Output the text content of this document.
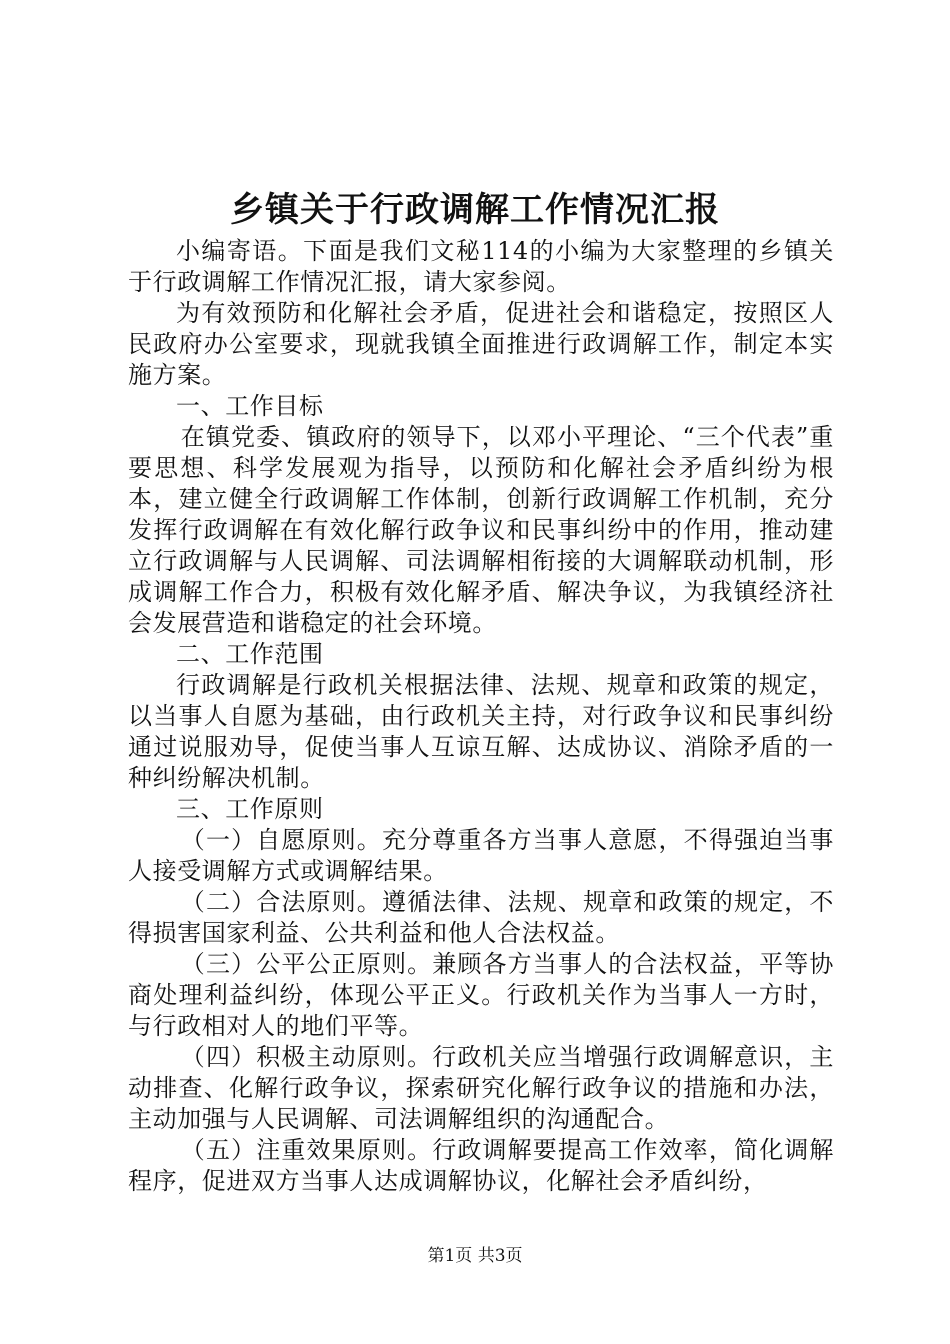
乡镇关于行政调解工作情况汇报

小编寄语。下面是我们文秘114的小编为大家整理的乡镇关于行政调解工作情况汇报，请大家参阅。

为有效预防和化解社会矛盾，促进社会和谐稳定，按照区人民政府办公室要求，现就我镇全面推进行政调解工作，制定本实施方案。

一、工作目标

在镇党委、镇政府的领导下，以邓小平理论、“三个代表”重要思想、科学发展观为指导，以预防和化解社会矛盾纠纷为根本，建立健全行政调解工作体制，创新行政调解工作机制，充分发挥行政调解在有效化解行政争议和民事纠纷中的作用，推动建立行政调解与人民调解、司法调解相衔接的大调解联动机制，形成调解工作合力，积极有效化解矛盾、解决争议，为我镇经济社会发展营造和谐稳定的社会环境。

二、工作范围

行政调解是行政机关根据法律、法规、规章和政策的规定，以当事人自愿为基础，由行政机关主持，对行政争议和民事纠纷通过说服劝导，促使当事人互谅互解、达成协议、消除矛盾的一种纠纷解决机制。

三、工作原则

（一）自愿原则。充分尊重各方当事人意愿，不得强迫当事人接受调解方式或调解结果。

（二）合法原则。遵循法律、法规、规章和政策的规定，不得损害国家利益、公共利益和他人合法权益。

（三）公平公正原则。兼顾各方当事人的合法权益，平等协商处理利益纠纷，体现公平正义。行政机关作为当事人一方时，与行政相对人的地们平等。

（四）积极主动原则。行政机关应当增强行政调解意识，主动排查、化解行政争议，探索研究化解行政争议的措施和办法，主动加强与人民调解、司法调解组织的沟通配合。

（五）注重效果原则。行政调解要提高工作效率，简化调解程序，促进双方当事人达成调解协议，化解社会矛盾纠纷，

第1页 共3页
